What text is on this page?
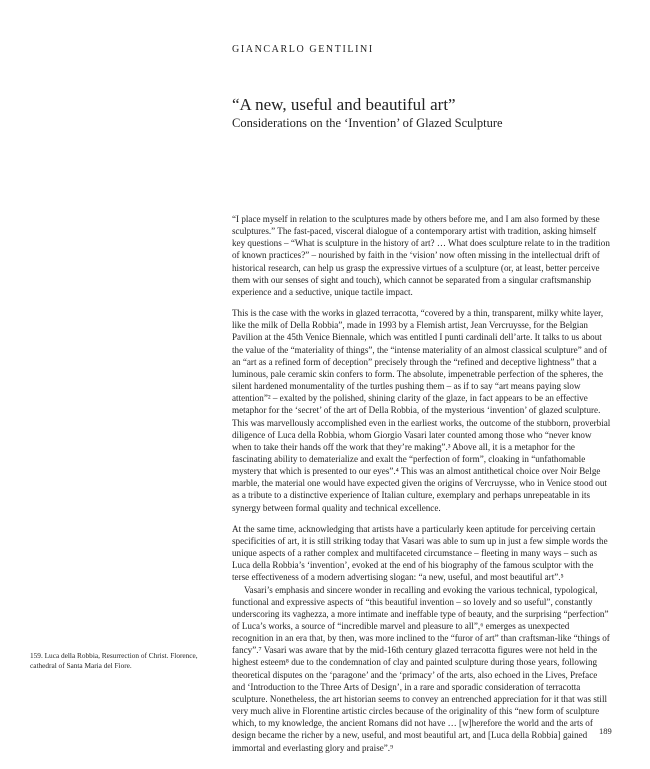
GIANCARLO GENTILINI
“A new, useful and beautiful art”
Considerations on the ‘Invention’ of Glazed Sculpture

“I place myself in relation to the sculptures made by others before me, and I am also formed by these sculptures.” The fast-paced, visceral dialogue of a contemporary artist with tradition, asking himself key questions – “What is sculpture in the history of art? … What does sculpture relate to in the tradition of known practices?” – nourished by faith in the ‘vision’ now often missing in the intellectual drift of historical research, can help us grasp the expressive virtues of a sculpture (or, at least, better perceive them with our senses of sight and touch), which cannot be separated from a singular craftsmanship experience and a seductive, unique tactile impact.

This is the case with the works in glazed terracotta, “covered by a thin, transparent, milky white layer, like the milk of Della Robbia”, made in 1993 by a Flemish artist, Jean Vercruysse, for the Belgian Pavilion at the 45th Venice Biennale, which was entitled I punti cardinali dell’arte. It talks to us about the value of the “materiality of things”, the “intense materiality of an almost classical sculpture” and of an “art as a refined form of deception” precisely through the “refined and deceptive lightness” that a luminous, pale ceramic skin confers to form. The absolute, impenetrable perfection of the spheres, the silent hardened monumentality of the turtles pushing them – as if to say “art means paying slow attention”² – exalted by the polished, shining clarity of the glaze, in fact appears to be an effective metaphor for the ‘secret’ of the art of Della Robbia, of the mysterious ‘invention’ of glazed sculpture. This was marvellously accomplished even in the earliest works, the outcome of the stubborn, proverbial diligence of Luca della Robbia, whom Giorgio Vasari later counted among those who “never know when to take their hands off the work that they’re making”.³ Above all, it is a metaphor for the fascinating ability to dematerialize and exalt the “perfection of form”, cloaking in “unfathomable mystery that which is presented to our eyes”.⁴ This was an almost antithetical choice over Noir Belge marble, the material one would have expected given the origins of Vercruysse, who in Venice stood out as a tribute to a distinctive experience of Italian culture, exemplary and perhaps unrepeatable in its synergy between formal quality and technical excellence.

At the same time, acknowledging that artists have a particularly keen aptitude for perceiving certain specificities of art, it is still striking today that Vasari was able to sum up in just a few simple words the unique aspects of a rather complex and multifaceted circumstance – fleeting in many ways – such as Luca della Robbia’s ‘invention’, evoked at the end of his biography of the famous sculptor with the terse effectiveness of a modern advertising slogan: “a new, useful, and most beautiful art”.⁵

Vasari’s emphasis and sincere wonder in recalling and evoking the various technical, typological, functional and expressive aspects of “this beautiful invention – so lovely and so useful”, constantly underscoring its vaghezza, a more intimate and ineffable type of beauty, and the surprising “perfection” of Luca’s works, a source of “incredible marvel and pleasure to all”,⁶ emerges as unexpected recognition in an era that, by then, was more inclined to the “furor of art” than craftsman-like “things of fancy”.⁷ Vasari was aware that by the mid-16th century glazed terracotta figures were not held in the highest esteem⁸ due to the condemnation of clay and painted sculpture during those years, following theoretical disputes on the ‘paragone’ and the ‘primacy’ of the arts, also echoed in the Lives, Preface and ‘Introduction to the Three Arts of Design’, in a rare and sporadic consideration of terracotta sculpture. Nonetheless, the art historian seems to convey an entrenched appreciation for it that was still very much alive in Florentine artistic circles because of the originality of this “new form of sculpture which, to my knowledge, the ancient Romans did not have … [w]herefore the world and the arts of design became the richer by a new, useful, and most beautiful art, and [Luca della Robbia] gained immortal and everlasting glory and praise”.⁹

159. Luca della Robbia, Resurrection of Christ. Florence, cathedral of Santa Maria del Fiore.
189
